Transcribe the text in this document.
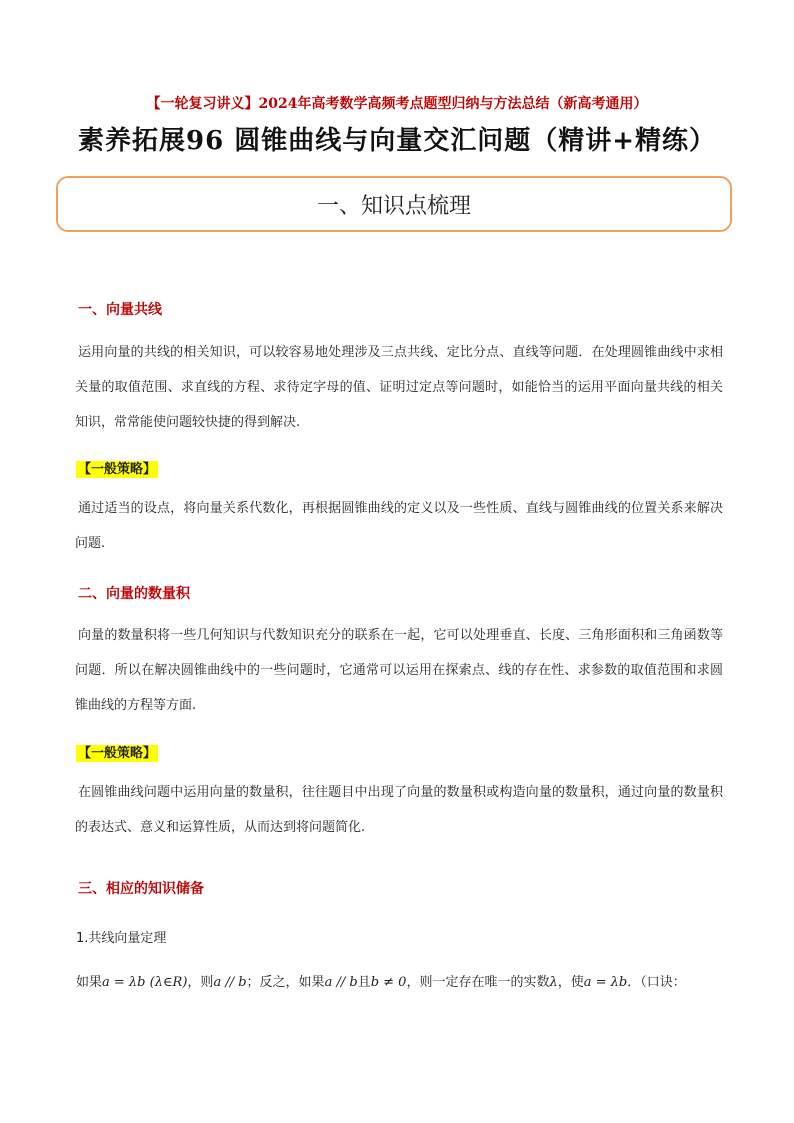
【一轮复习讲义】2024年高考数学高频考点题型归纳与方法总结（新高考通用）
素养拓展96 圆锥曲线与向量交汇问题（精讲+精练）
一、知识点梳理
一、向量共线
运用向量的共线的相关知识，可以较容易地处理涉及三点共线、定比分点、直线等问题．在处理圆锥曲线中求相关量的取值范围、求直线的方程、求待定字母的值、证明过定点等问题时，如能恰当的运用平面向量共线的相关知识，常常能使问题较快捷的得到解决.
【一般策略】
通过适当的设点，将向量关系代数化，再根据圆锥曲线的定义以及一些性质、直线与圆锥曲线的位置关系来解决问题.
二、向量的数量积
向量的数量积将一些几何知识与代数知识充分的联系在一起，它可以处理垂直、长度、三角形面积和三角函数等问题．所以在解决圆锥曲线中的一些问题时，它通常可以运用在探索点、线的存在性、求参数的取值范围和求圆锥曲线的方程等方面.
【一般策略】
在圆锥曲线问题中运用向量的数量积，往往题目中出现了向量的数量积或构造向量的数量积，通过向量的数量积的表达式、意义和运算性质，从而达到将问题简化.
三、相应的知识储备
1.共线向量定理
如果a = λb (λ∈R)，则a // b；反之，如果a // b且b ≠ 0，则一定存在唯一的实数λ，使a = λb．（口诀：
